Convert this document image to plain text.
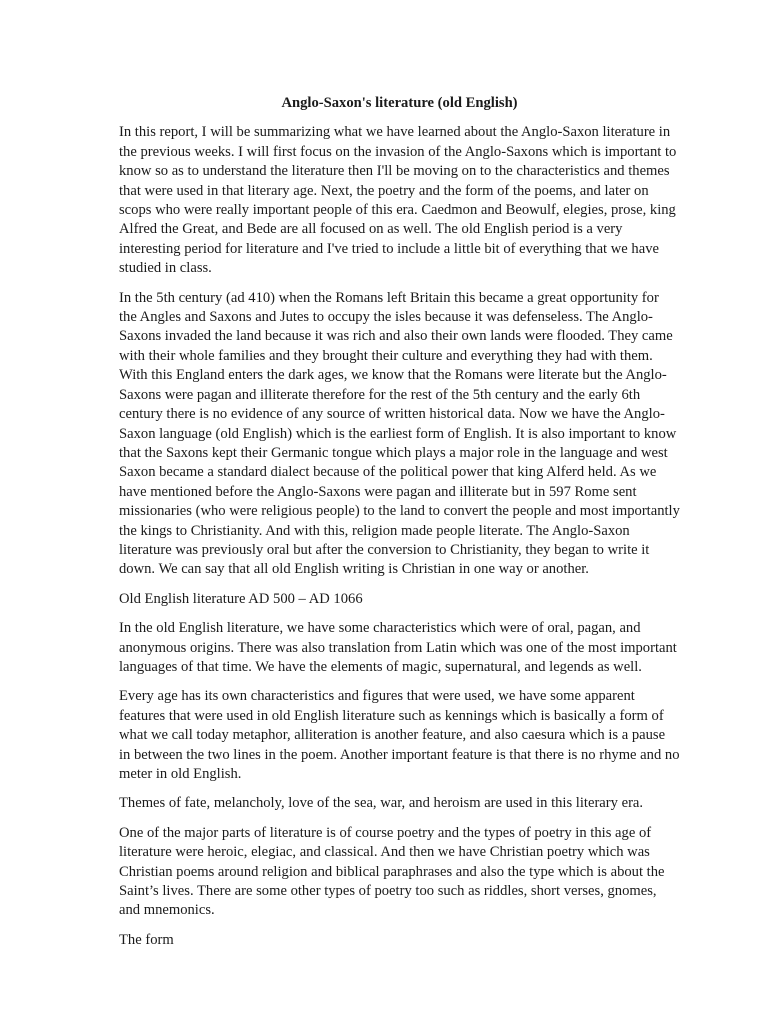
Anglo-Saxon's literature (old English)

In this report, I will be summarizing what we have learned about the Anglo-Saxon literature in the previous weeks. I will first focus on the invasion of the Anglo-Saxons which is important to know so as to understand the literature then I'll be moving on to the characteristics and themes that were used in that literary age. Next, the poetry and the form of the poems, and later on scops who were really important people of this era. Caedmon and Beowulf, elegies, prose, king Alfred the Great, and Bede are all focused on as well. The old English period is a very interesting period for literature and I've tried to include a little bit of everything that we have studied in class.

In the 5th century (ad 410) when the Romans left Britain this became a great opportunity for the Angles and Saxons and Jutes to occupy the isles because it was defenseless. The Anglo-Saxons invaded the land because it was rich and also their own lands were flooded. They came with their whole families and they brought their culture and everything they had with them. With this England enters the dark ages, we know that the Romans were literate but the Anglo-Saxons were pagan and illiterate therefore for the rest of the 5th century and the early 6th century there is no evidence of any source of written historical data. Now we have the Anglo-Saxon language (old English) which is the earliest form of English. It is also important to know that the Saxons kept their Germanic tongue which plays a major role in the language and west Saxon became a standard dialect because of the political power that king Alferd held. As we have mentioned before the Anglo-Saxons were pagan and illiterate but in 597 Rome sent missionaries (who were religious people) to the land to convert the people and most importantly the kings to Christianity. And with this, religion made people literate. The Anglo-Saxon literature was previously oral but after the conversion to Christianity, they began to write it down. We can say that all old English writing is Christian in one way or another.

Old English literature AD 500 – AD 1066

In the old English literature, we have some characteristics which were of oral, pagan, and anonymous origins. There was also translation from Latin which was one of the most important languages of that time. We have the elements of magic, supernatural, and legends as well.

Every age has its own characteristics and figures that were used, we have some apparent features that were used in old English literature such as kennings which is basically a form of what we call today metaphor, alliteration is another feature, and also caesura which is a pause in between the two lines in the poem. Another important feature is that there is no rhyme and no meter in old English.

Themes of fate, melancholy, love of the sea, war, and heroism are used in this literary era.

One of the major parts of literature is of course poetry and the types of poetry in this age of literature were heroic, elegiac, and classical. And then we have Christian poetry which was Christian poems around religion and biblical paraphrases and also the type which is about the Saint’s lives. There are some other types of poetry too such as riddles, short verses, gnomes, and mnemonics.

The form
